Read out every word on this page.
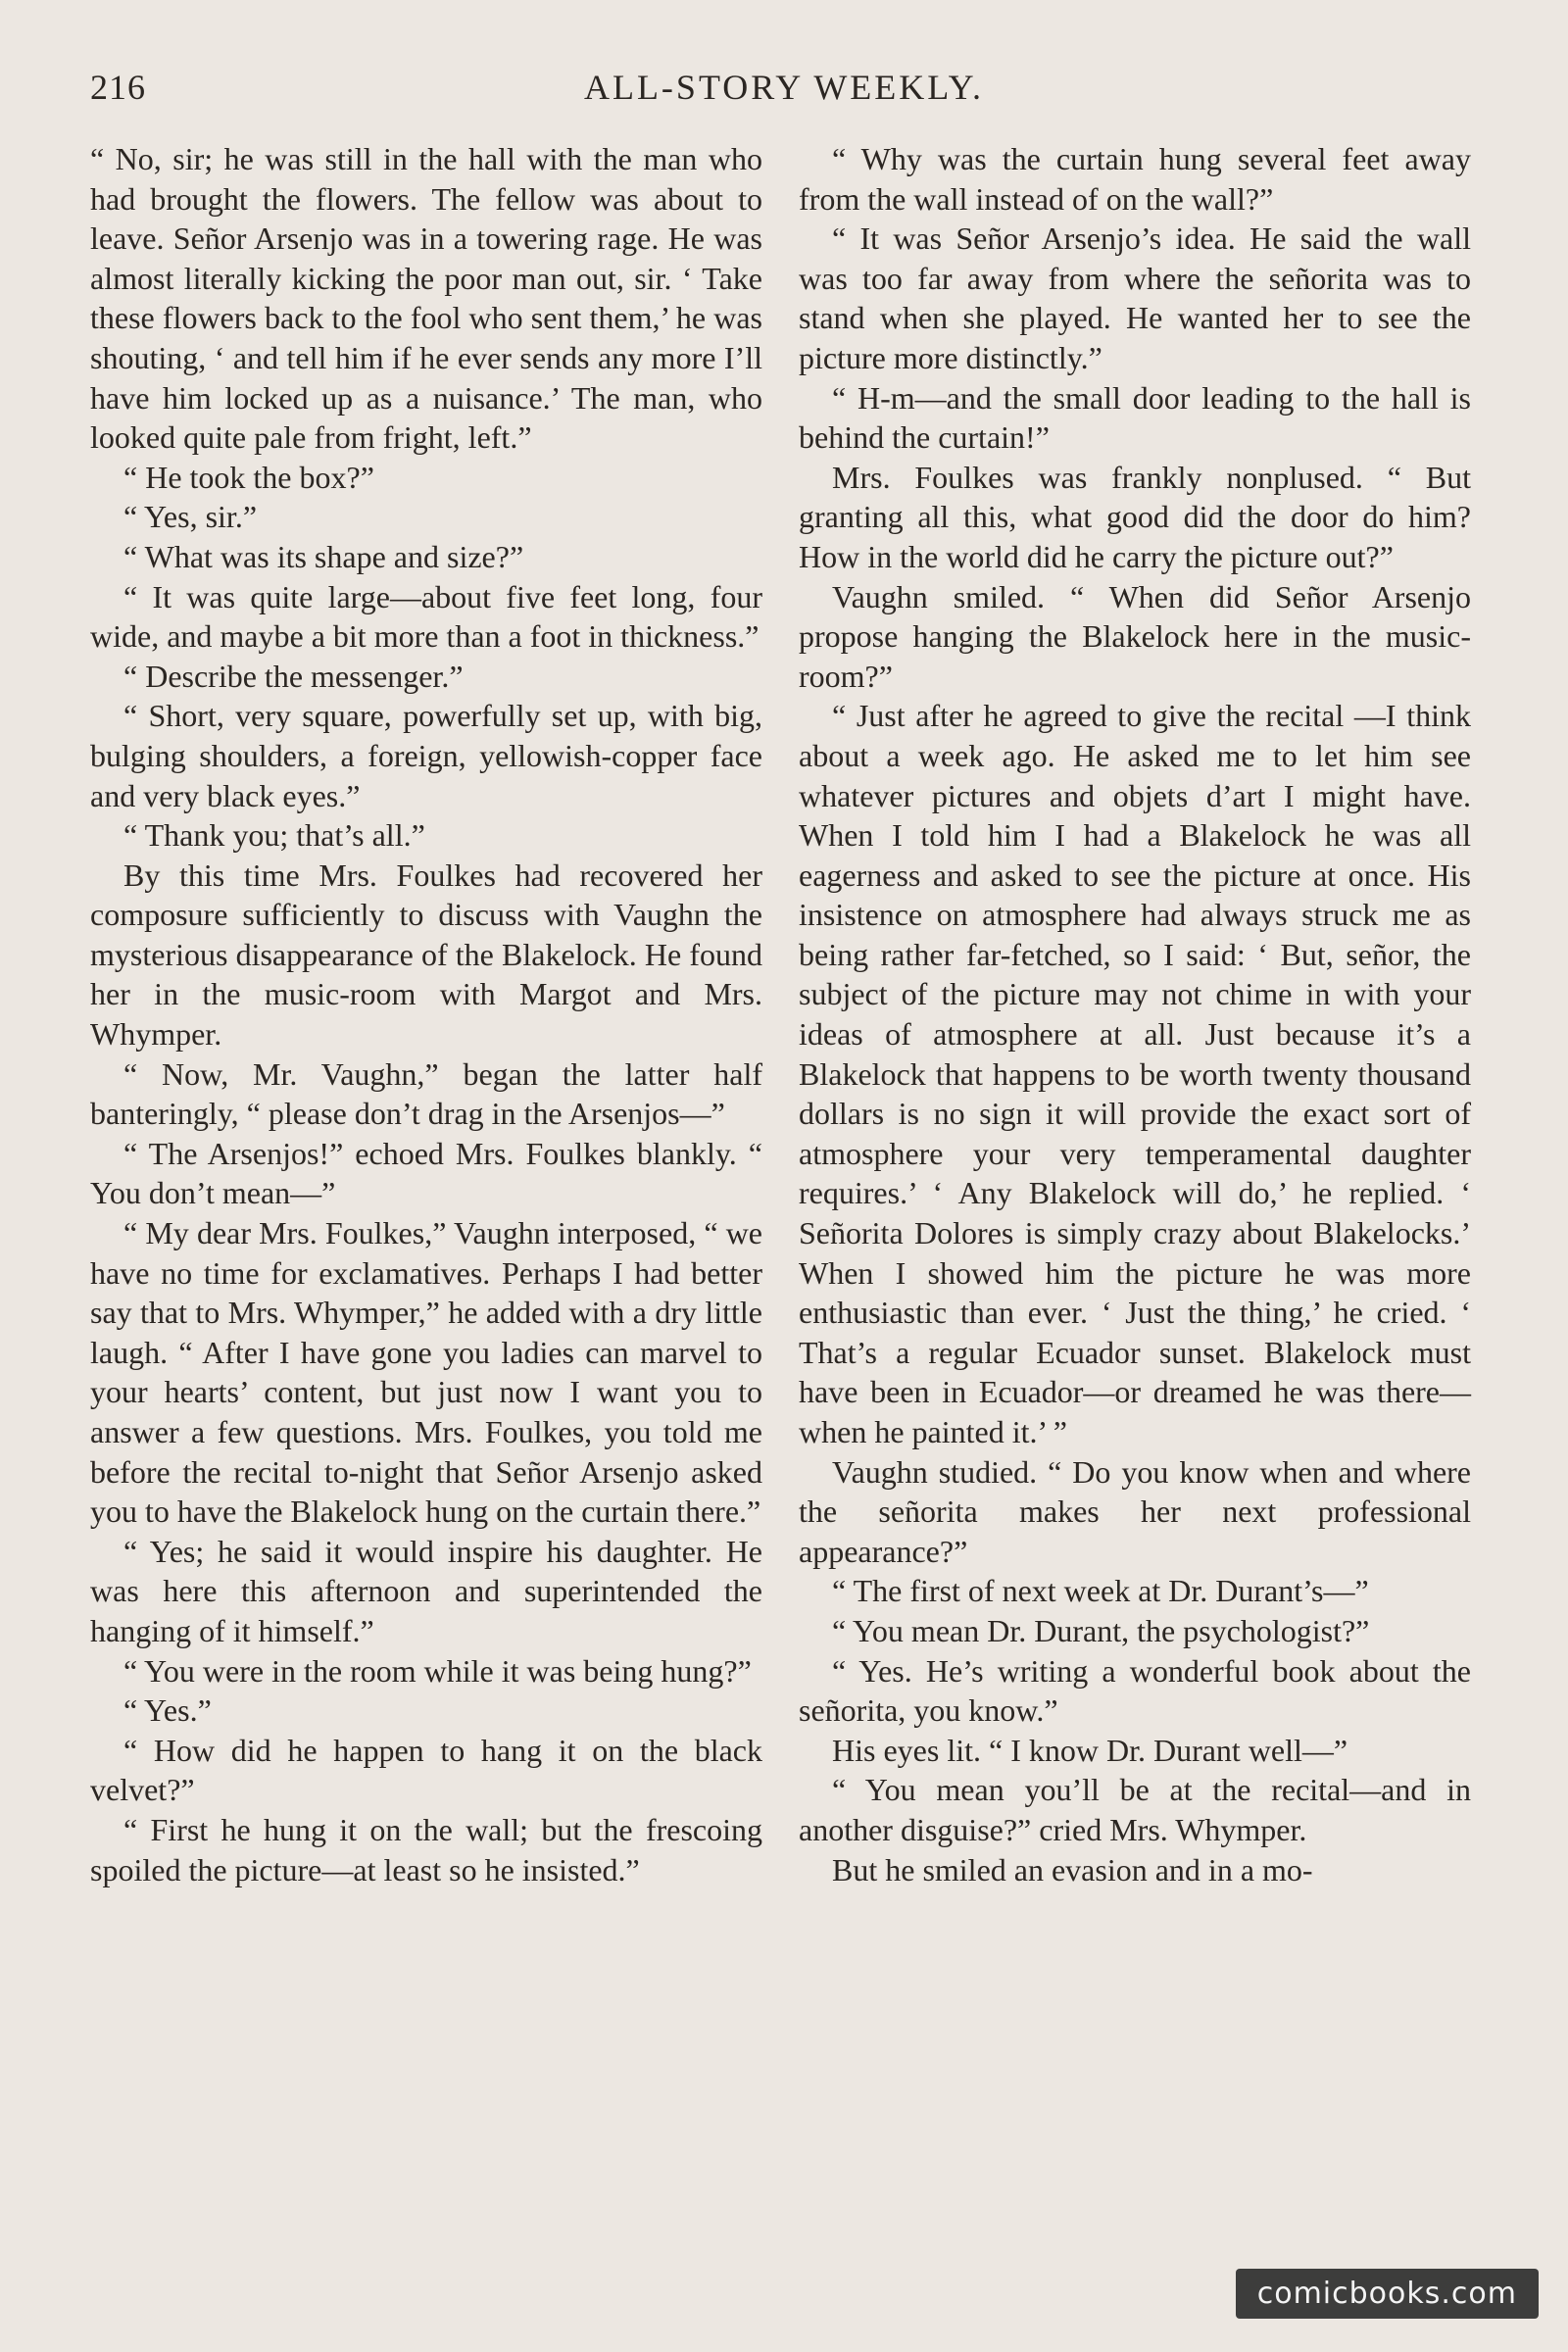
216	ALL-STORY WEEKLY.

“ No, sir; he was still in the hall with the man who had brought the flowers. The fellow was about to leave. Señor Arsenjo was in a towering rage. He was almost literally kicking the poor man out, sir. ‘ Take these flowers back to the fool who sent them,’ he was shouting, ‘ and tell him if he ever sends any more I’ll have him locked up as a nuisance.’ The man, who looked quite pale from fright, left.”

“ He took the box?”

“ Yes, sir.”

“ What was its shape and size?”

“ It was quite large—about five feet long, four wide, and maybe a bit more than a foot in thickness.”

“ Describe the messenger.”

“ Short, very square, powerfully set up, with big, bulging shoulders, a foreign, yellowish-copper face and very black eyes.”

“ Thank you; that’s all.”

By this time Mrs. Foulkes had recovered her composure sufficiently to discuss with Vaughn the mysterious disappearance of the Blakelock. He found her in the music-room with Margot and Mrs. Whymper.

“ Now, Mr. Vaughn,” began the latter half banteringly, “ please don’t drag in the Arsenjos—”

“ The Arsenjos!” echoed Mrs. Foulkes blankly. “ You don’t mean—”

“ My dear Mrs. Foulkes,” Vaughn interposed, “ we have no time for exclamatives. Perhaps I had better say that to Mrs. Whymper,” he added with a dry little laugh. “ After I have gone you ladies can marvel to your hearts’ content, but just now I want you to answer a few questions. Mrs. Foulkes, you told me before the recital to-night that Señor Arsenjo asked you to have the Blakelock hung on the curtain there.”

“ Yes; he said it would inspire his daughter. He was here this afternoon and superintended the hanging of it himself.”

“ You were in the room while it was being hung?”

“ Yes.”

“ How did he happen to hang it on the black velvet?”

“ First he hung it on the wall; but the frescoing spoiled the picture—at least so he insisted.”

“ Why was the curtain hung several feet away from the wall instead of on the wall?”

“ It was Señor Arsenjo’s idea. He said the wall was too far away from where the señorita was to stand when she played. He wanted her to see the picture more distinctly.”

“ H-m—and the small door leading to the hall is behind the curtain!”

Mrs. Foulkes was frankly nonplused. “ But granting all this, what good did the door do him? How in the world did he carry the picture out?”

Vaughn smiled. “ When did Señor Arsenjo propose hanging the Blakelock here in the music-room?”

“ Just after he agreed to give the recital —I think about a week ago. He asked me to let him see whatever pictures and objets d’art I might have. When I told him I had a Blakelock he was all eagerness and asked to see the picture at once. His insistence on atmosphere had always struck me as being rather far-fetched, so I said: ‘ But, señor, the subject of the picture may not chime in with your ideas of atmosphere at all. Just because it’s a Blakelock that happens to be worth twenty thousand dollars is no sign it will provide the exact sort of atmosphere your very temperamental daughter requires.’ ‘ Any Blakelock will do,’ he replied. ‘ Señorita Dolores is simply crazy about Blakelocks.’ When I showed him the picture he was more enthusiastic than ever. ‘ Just the thing,’ he cried. ‘ That’s a regular Ecuador sunset. Blakelock must have been in Ecuador—or dreamed he was there—when he painted it.’ ”

Vaughn studied. “ Do you know when and where the señorita makes her next professional appearance?”

“ The first of next week at Dr. Durant’s—”

“ You mean Dr. Durant, the psychologist?”

“ Yes. He’s writing a wonderful book about the señorita, you know.”

His eyes lit. “ I know Dr. Durant well—”

“ You mean you’ll be at the recital—and in another disguise?” cried Mrs. Whymper.

But he smiled an evasion and in a mo-

comicbooks.com
